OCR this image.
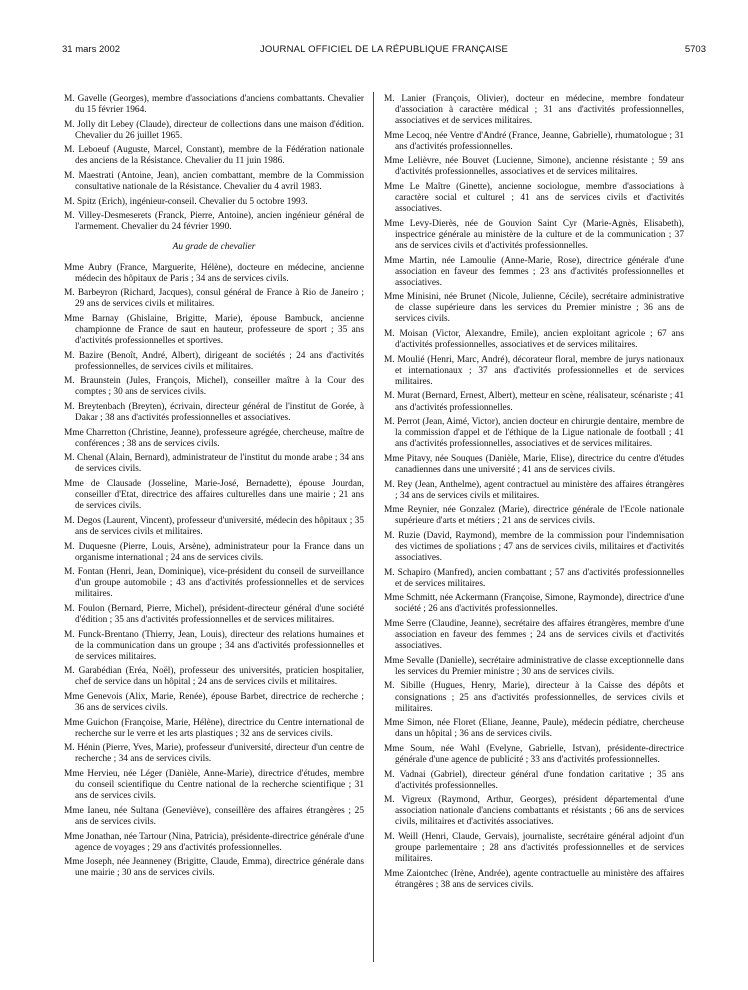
31 mars 2002	JOURNAL OFFICIEL DE LA RÉPUBLIQUE FRANÇAISE	5703

M. Gavelle (Georges), membre d'associations d'anciens combattants. Chevalier du 15 février 1964.

M. Jolly dit Lebey (Claude), directeur de collections dans une maison d'édition. Chevalier du 26 juillet 1965.

M. Leboeuf (Auguste, Marcel, Constant), membre de la Fédération nationale des anciens de la Résistance. Chevalier du 11 juin 1986.

M. Maestrati (Antoine, Jean), ancien combattant, membre de la Commission consultative nationale de la Résistance. Chevalier du 4 avril 1983.

M. Spitz (Erich), ingénieur-conseil. Chevalier du 5 octobre 1993.

M. Villey-Desmeserets (Franck, Pierre, Antoine), ancien ingénieur général de l'armement. Chevalier du 24 février 1990.

Au grade de chevalier

Mme Aubry (France, Marguerite, Hélène), docteure en médecine, ancienne médecin des hôpitaux de Paris ; 34 ans de services civils.

M. Barbeyron (Richard, Jacques), consul général de France à Rio de Janeiro ; 29 ans de services civils et militaires.

Mme Barnay (Ghislaine, Brigitte, Marie), épouse Bambuck, ancienne championne de France de saut en hauteur, professeure de sport ; 35 ans d'activités professionnelles et sportives.

M. Bazire (Benoît, André, Albert), dirigeant de sociétés ; 24 ans d'activités professionnelles, de services civils et militaires.

M. Braunstein (Jules, François, Michel), conseiller maître à la Cour des comptes ; 30 ans de services civils.

M. Breytenbach (Breyten), écrivain, directeur général de l'institut de Gorée, à Dakar ; 38 ans d'activités professionnelles et associatives.

Mme Charretton (Christine, Jeanne), professeure agrégée, chercheuse, maître de conférences ; 38 ans de services civils.

M. Chenal (Alain, Bernard), administrateur de l'institut du monde arabe ; 34 ans de services civils.

Mme de Clausade (Josseline, Marie-José, Bernadette), épouse Jourdan, conseiller d'Etat, directrice des affaires culturelles dans une mairie ; 21 ans de services civils.

M. Degos (Laurent, Vincent), professeur d'université, médecin des hôpitaux ; 35 ans de services civils et militaires.

M. Duquesne (Pierre, Louis, Arsène), administrateur pour la France dans un organisme international ; 24 ans de services civils.

M. Fontan (Henri, Jean, Dominique), vice-président du conseil de surveillance d'un groupe automobile ; 43 ans d'activités professionnelles et de services militaires.

M. Foulon (Bernard, Pierre, Michel), président-directeur général d'une société d'édition ; 35 ans d'activités professionnelles et de services militaires.

M. Funck-Brentano (Thierry, Jean, Louis), directeur des relations humaines et de la communication dans un groupe ; 34 ans d'activités professionnelles et de services militaires.

M. Garabédian (Eréa, Noël), professeur des universités, praticien hospitalier, chef de service dans un hôpital ; 24 ans de services civils et militaires.

Mme Genevois (Alix, Marie, Renée), épouse Barbet, directrice de recherche ; 36 ans de services civils.

Mme Guichon (Françoise, Marie, Hélène), directrice du Centre international de recherche sur le verre et les arts plastiques ; 32 ans de services civils.

M. Hénin (Pierre, Yves, Marie), professeur d'université, directeur d'un centre de recherche ; 34 ans de services civils.

Mme Hervieu, née Léger (Danièle, Anne-Marie), directrice d'études, membre du conseil scientifique du Centre national de la recherche scientifique ; 31 ans de services civils.

Mme Ianeu, née Sultana (Geneviève), conseillère des affaires étrangères ; 25 ans de services civils.

Mme Jonathan, née Tartour (Nina, Patricia), présidente-directrice générale d'une agence de voyages ; 29 ans d'activités professionnelles.

Mme Joseph, née Jeanneney (Brigitte, Claude, Emma), directrice générale dans une mairie ; 30 ans de services civils.

M. Lanier (François, Olivier), docteur en médecine, membre fondateur d'association à caractère médical ; 31 ans d'activités professionnelles, associatives et de services militaires.

Mme Lecoq, née Ventre d'André (France, Jeanne, Gabrielle), rhumatologue ; 31 ans d'activités professionnelles.

Mme Lelièvre, née Bouvet (Lucienne, Simone), ancienne résistante ; 59 ans d'activités professionnelles, associatives et de services militaires.

Mme Le Maître (Ginette), ancienne sociologue, membre d'associations à caractère social et culturel ; 41 ans de services civils et d'activités associatives.

Mme Levy-Dierès, née de Gouvion Saint Cyr (Marie-Agnès, Elisabeth), inspectrice générale au ministère de la culture et de la communication ; 37 ans de services civils et d'activités professionnelles.

Mme Martin, née Lamoulie (Anne-Marie, Rose), directrice générale d'une association en faveur des femmes ; 23 ans d'activités professionnelles et associatives.

Mme Minisini, née Brunet (Nicole, Julienne, Cécile), secrétaire administrative de classe supérieure dans les services du Premier ministre ; 36 ans de services civils.

M. Moisan (Victor, Alexandre, Emile), ancien exploitant agricole ; 67 ans d'activités professionnelles, associatives et de services militaires.

M. Moulié (Henri, Marc, André), décorateur floral, membre de jurys nationaux et internationaux ; 37 ans d'activités professionnelles et de services militaires.

M. Murat (Bernard, Ernest, Albert), metteur en scène, réalisateur, scénariste ; 41 ans d'activités professionnelles.

M. Perrot (Jean, Aimé, Victor), ancien docteur en chirurgie dentaire, membre de la commission d'appel et de l'éthique de la Ligue nationale de football ; 41 ans d'activités professionnelles, associatives et de services militaires.

Mme Pitavy, née Souques (Danièle, Marie, Elise), directrice du centre d'études canadiennes dans une université ; 41 ans de services civils.

M. Rey (Jean, Anthelme), agent contractuel au ministère des affaires étrangères ; 34 ans de services civils et militaires.

Mme Reynier, née Gonzalez (Marie), directrice générale de l'Ecole nationale supérieure d'arts et métiers ; 21 ans de services civils.

M. Ruzie (David, Raymond), membre de la commission pour l'indemnisation des victimes de spoliations ; 47 ans de services civils, militaires et d'activités associatives.

M. Schapiro (Manfred), ancien combattant ; 57 ans d'activités professionnelles et de services militaires.

Mme Schmitt, née Ackermann (Françoise, Simone, Raymonde), directrice d'une société ; 26 ans d'activités professionnelles.

Mme Serre (Claudine, Jeanne), secrétaire des affaires étrangères, membre d'une association en faveur des femmes ; 24 ans de services civils et d'activités associatives.

Mme Sevalle (Danielle), secrétaire administrative de classe exceptionnelle dans les services du Premier ministre ; 30 ans de services civils.

M. Sibille (Hugues, Henry, Marie), directeur à la Caisse des dépôts et consignations ; 25 ans d'activités professionnelles, de services civils et militaires.

Mme Simon, née Floret (Eliane, Jeanne, Paule), médecin pédiatre, chercheuse dans un hôpital ; 36 ans de services civils.

Mme Soum, née Wahl (Evelyne, Gabrielle, Istvan), présidente-directrice générale d'une agence de publicité ; 33 ans d'activités professionnelles.

M. Vadnai (Gabriel), directeur général d'une fondation caritative ; 35 ans d'activités professionnelles.

M. Vigreux (Raymond, Arthur, Georges), président départemental d'une association nationale d'anciens combattants et résistants ; 66 ans de services civils, militaires et d'activités associatives.

M. Weill (Henri, Claude, Gervais), journaliste, secrétaire général adjoint d'un groupe parlementaire ; 28 ans d'activités professionnelles et de services militaires.

Mme Zaiontchec (Irène, Andrée), agente contractuelle au ministère des affaires étrangères ; 38 ans de services civils.
